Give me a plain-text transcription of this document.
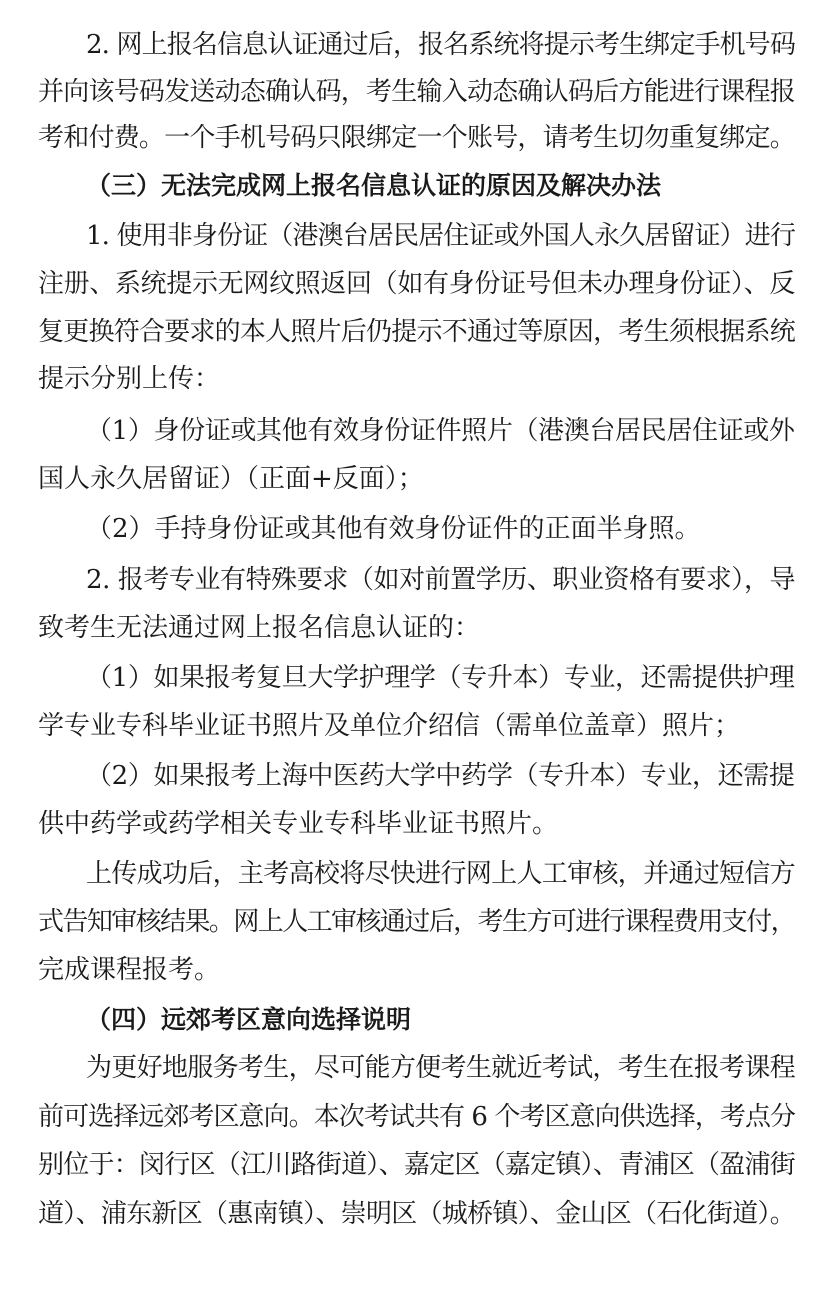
2. 网上报名信息认证通过后，报名系统将提示考生绑定手机号码
并向该号码发送动态确认码，考生输入动态确认码后方能进行课程报
考和付费。一个手机号码只限绑定一个账号，请考生切勿重复绑定。
（三）无法完成网上报名信息认证的原因及解决办法
1. 使用非身份证（港澳台居民居住证或外国人永久居留证）进行
注册、系统提示无网纹照返回（如有身份证号但未办理身份证）、反
复更换符合要求的本人照片后仍提示不通过等原因，考生须根据系统
提示分别上传：
（1）身份证或其他有效身份证件照片（港澳台居民居住证或外
国人永久居留证）（正面+反面）；
（2）手持身份证或其他有效身份证件的正面半身照。
2. 报考专业有特殊要求（如对前置学历、职业资格有要求），导
致考生无法通过网上报名信息认证的：
（1）如果报考复旦大学护理学（专升本）专业，还需提供护理
学专业专科毕业证书照片及单位介绍信（需单位盖章）照片；
（2）如果报考上海中医药大学中药学（专升本）专业，还需提
供中药学或药学相关专业专科毕业证书照片。
上传成功后，主考高校将尽快进行网上人工审核，并通过短信方
式告知审核结果。网上人工审核通过后，考生方可进行课程费用支付，
完成课程报考。
（四）远郊考区意向选择说明
为更好地服务考生，尽可能方便考生就近考试，考生在报考课程
前可选择远郊考区意向。本次考试共有 6 个考区意向供选择，考点分
别位于：闵行区（江川路街道）、嘉定区（嘉定镇）、青浦区（盈浦街
道）、浦东新区（惠南镇）、崇明区（城桥镇）、金山区（石化街道）。
